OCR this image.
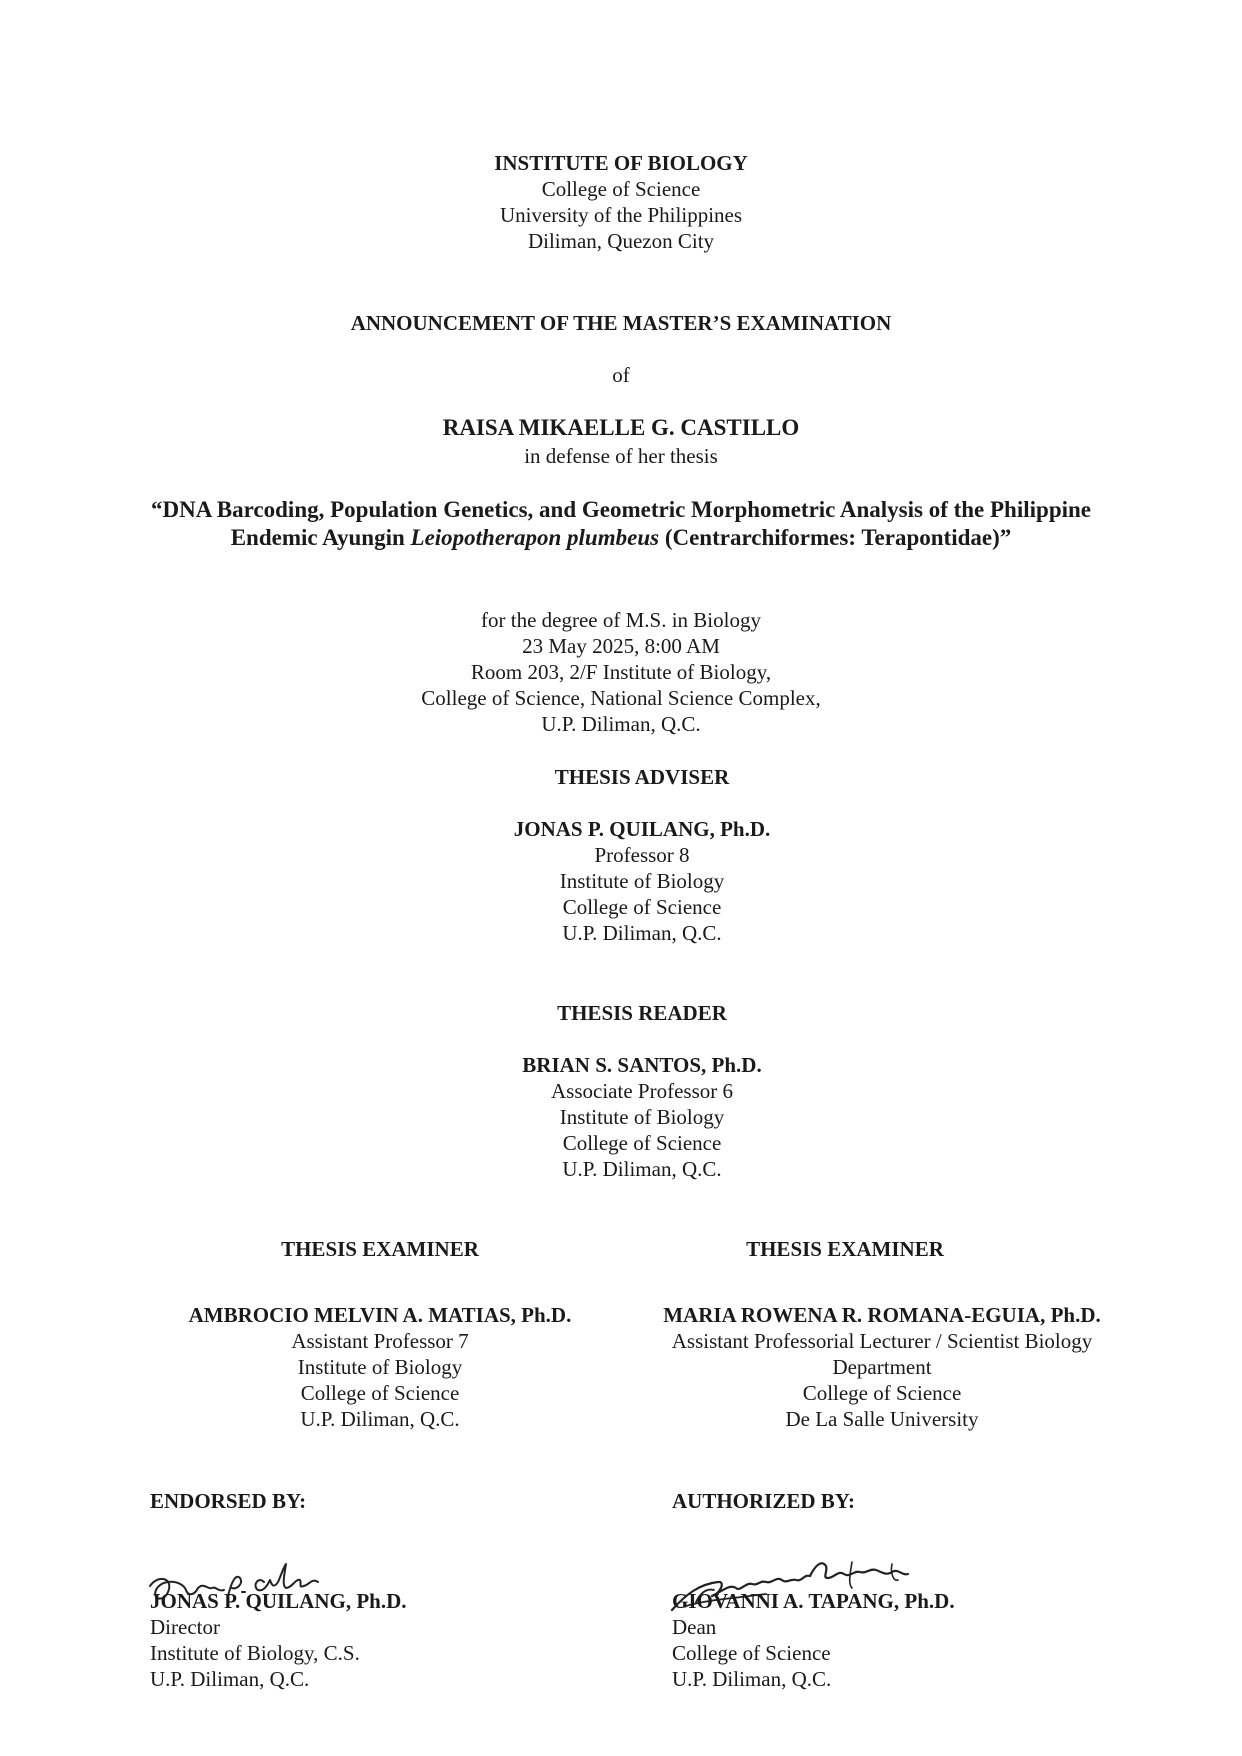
INSTITUTE OF BIOLOGY
College of Science
University of the Philippines
Diliman, Quezon City
ANNOUNCEMENT OF THE MASTER’S EXAMINATION
of
RAISA MIKAELLE G. CASTILLO
in defense of her thesis
“DNA Barcoding, Population Genetics, and Geometric Morphometric Analysis of the Philippine Endemic Ayungin Leiopotherapon plumbeus (Centrarchiformes: Terapontidae)”
for the degree of M.S. in Biology
23 May 2025, 8:00 AM
Room 203, 2/F Institute of Biology,
College of Science, National Science Complex,
U.P. Diliman, Q.C.
THESIS ADVISER
JONAS P. QUILANG, Ph.D.
Professor 8
Institute of Biology
College of Science
U.P. Diliman, Q.C.
THESIS READER
BRIAN S. SANTOS, Ph.D.
Associate Professor 6
Institute of Biology
College of Science
U.P. Diliman, Q.C.
THESIS EXAMINER
AMBROCIO MELVIN A. MATIAS, Ph.D.
Assistant Professor 7
Institute of Biology
College of Science
U.P. Diliman, Q.C.
THESIS EXAMINER
MARIA ROWENA R. ROMANA-EGUIA, Ph.D.
Assistant Professorial Lecturer / Scientist Biology
Department
College of Science
De La Salle University
ENDORSED BY:
JONAS P. QUILANG, Ph.D.
Director
Institute of Biology, C.S.
U.P. Diliman, Q.C.
AUTHORIZED BY:
GIOVANNI A. TAPANG, Ph.D.
Dean
College of Science
U.P. Diliman, Q.C.
